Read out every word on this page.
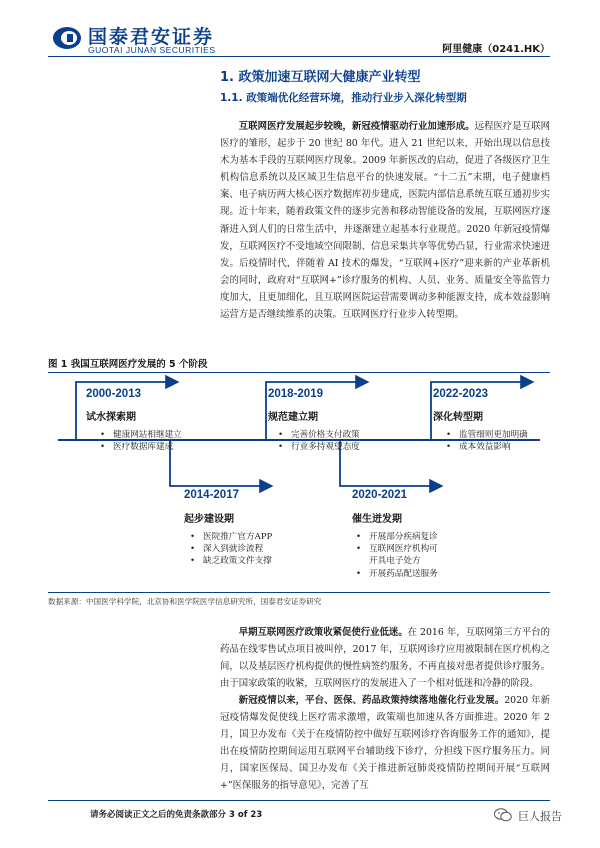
国泰君安证券
GUOTAI JUNAN SECURITIES	阿里健康（0241.HK）
1. 政策加速互联网大健康产业转型
1.1. 政策端优化经营环境，推动行业步入深化转型期
互联网医疗发展起步较晚，新冠疫情驱动行业加速形成。远程医疗是互联网医疗的雏形，起步于 20 世纪 80 年代。进入 21 世纪以来，开始出现以信息技术为基本手段的互联网医疗现象。2009 年新医改的启动，促进了各级医疗卫生机构信息系统以及区域卫生信息平台的快速发展。“十二五”末期，电子健康档案、电子病历两大核心医疗数据库初步建成，医院内部信息系统互联互通初步实现。近十年来，随着政策文件的逐步完善和移动智能设备的发展，互联网医疗逐渐进入到人们的日常生活中，并逐渐建立起基本行业规范。2020 年新冠疫情爆发，互联网医疗不受地域空间限制、信息采集共享等优势凸显，行业需求快速迸发。后疫情时代，伴随着 AI 技术的爆发，“互联网+医疗”迎来新的产业革新机会的同时，政府对“互联网+”诊疗服务的机构、人员、业务、质量安全等监管力度加大，且更加细化，且互联网医院运营需要调动多种能源支持，成本效益影响运营方是否继续维系的决策。互联网医疗行业步入转型期。
图 1 我国互联网医疗发展的 5 个阶段
2000-2013
试水探索期
• 健康网站相继建立
• 医疗数据库建成
2018-2019
规范建立期
• 完善价格支付政策
• 行业多持观望态度
2022-2023
深化转型期
• 监管细则更加明确
• 成本效益影响
2014-2017
起步建设期
• 医院推广官方APP
• 深入到就诊流程
• 缺乏政策文件支撑
2020-2021
催生迸发期
• 开展部分疾病复诊
• 互联网医疗机构可
开具电子处方
• 开展药品配送服务
数据来源：中国医学科学院，北京协和医学院医学信息研究所，国泰君安证券研究
早期互联网医疗政策收紧促使行业低迷。在 2016 年，互联网第三方平台的药品在线零售试点项目被叫停，2017 年，互联网诊疗应用被限制在医疗机构之间，以及基层医疗机构提供的慢性病签约服务，不再直接对患者提供诊疗服务。由于国家政策的收紧，互联网医疗的发展进入了一个相对低迷和冷静的阶段。
新冠疫情以来，平台、医保、药品政策持续落地催化行业发展。2020 年新冠疫情爆发促使线上医疗需求激增，政策端也加速从各方面推进。2020 年 2 月，国卫办发布《关于在疫情防控中做好互联网诊疗咨询服务工作的通知》，提出在疫情防控期间运用互联网平台辅助线下诊疗，分担线下医疗服务压力。同月，国家医保局、国卫办发布《关于推进新冠肺炎疫情防控期间开展“互联网+”医保服务的指导意见》，完善了互
请务必阅读正文之后的免责条款部分 3 of 23	巨人报告
